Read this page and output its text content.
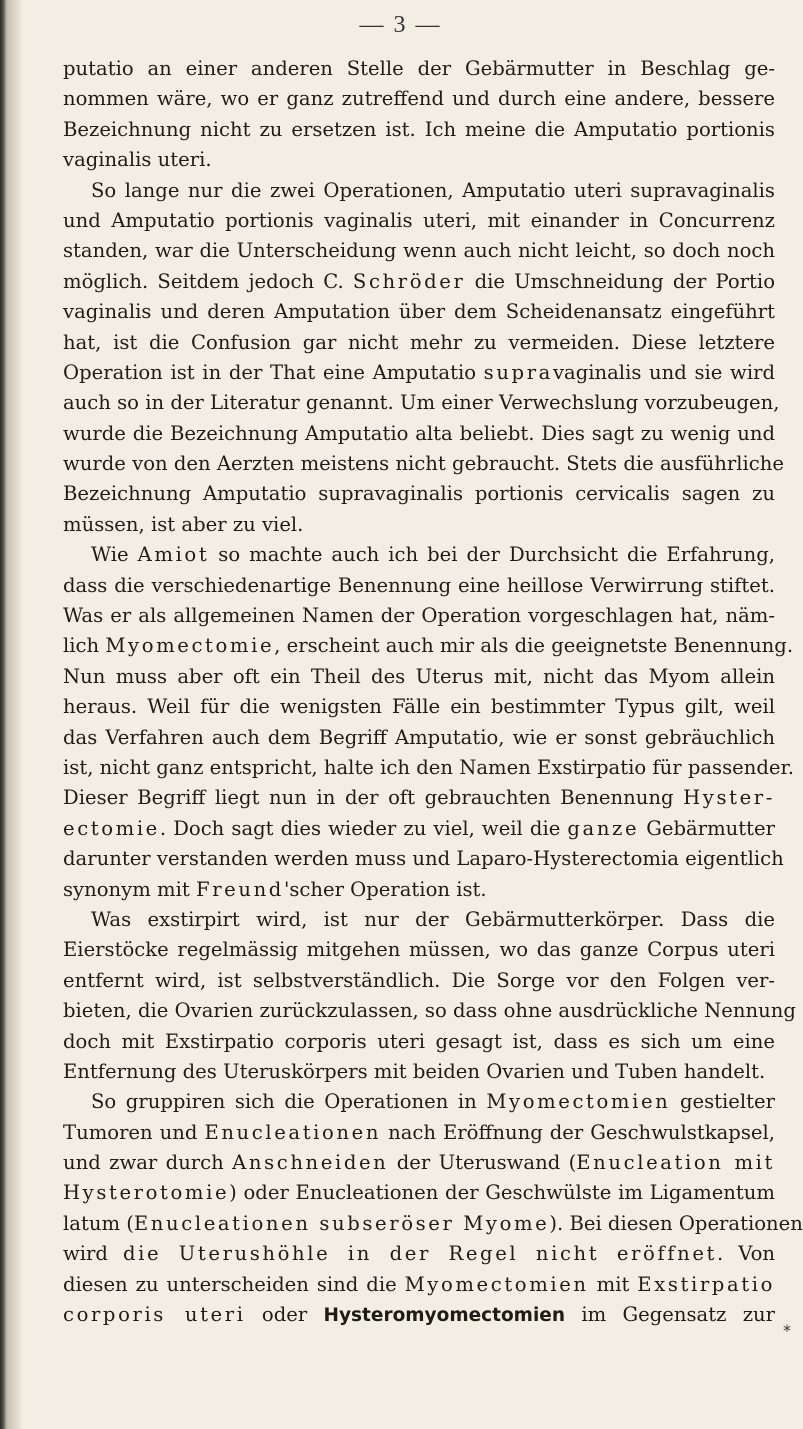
— 3 —
putatio an einer anderen Stelle der Gebärmutter in Beschlag ge-
nommen wäre, wo er ganz zutreffend und durch eine andere, bessere
Bezeichnung nicht zu ersetzen ist. Ich meine die Amputatio portionis
vaginalis uteri.
So lange nur die zwei Operationen, Amputatio uteri supravaginalis
und Amputatio portionis vaginalis uteri, mit einander in Concurrenz
standen, war die Unterscheidung wenn auch nicht leicht, so doch noch
möglich. Seitdem jedoch C. Schröder die Umschneidung der Portio
vaginalis und deren Amputation über dem Scheidenansatz eingeführt
hat, ist die Confusion gar nicht mehr zu vermeiden. Diese letztere
Operation ist in der That eine Amputatio supravaginalis und sie wird
auch so in der Literatur genannt. Um einer Verwechslung vorzubeugen,
wurde die Bezeichnung Amputatio alta beliebt. Dies sagt zu wenig und
wurde von den Aerzten meistens nicht gebraucht. Stets die ausführliche
Bezeichnung Amputatio supravaginalis portionis cervicalis sagen zu
müssen, ist aber zu viel.
Wie Amiot so machte auch ich bei der Durchsicht die Erfahrung,
dass die verschiedenartige Benennung eine heillose Verwirrung stiftet.
Was er als allgemeinen Namen der Operation vorgeschlagen hat, näm-
lich Myomectomie, erscheint auch mir als die geeignetste Benennung.
Nun muss aber oft ein Theil des Uterus mit, nicht das Myom allein
heraus. Weil für die wenigsten Fälle ein bestimmter Typus gilt, weil
das Verfahren auch dem Begriff Amputatio, wie er sonst gebräuchlich
ist, nicht ganz entspricht, halte ich den Namen Exstirpatio für passender.
Dieser Begriff liegt nun in der oft gebrauchten Benennung Hyster-
ectomie. Doch sagt dies wieder zu viel, weil die ganze Gebärmutter
darunter verstanden werden muss und Laparo-Hysterectomia eigentlich
synonym mit Freund'scher Operation ist.
Was exstirpirt wird, ist nur der Gebärmutterkörper. Dass die
Eierstöcke regelmässig mitgehen müssen, wo das ganze Corpus uteri
entfernt wird, ist selbstverständlich. Die Sorge vor den Folgen ver-
bieten, die Ovarien zurückzulassen, so dass ohne ausdrückliche Nennung
doch mit Exstirpatio corporis uteri gesagt ist, dass es sich um eine
Entfernung des Uteruskörpers mit beiden Ovarien und Tuben handelt.
So gruppiren sich die Operationen in Myomectomien gestielter
Tumoren und Enucleationen nach Eröffnung der Geschwulstkapsel,
und zwar durch Anschneiden der Uteruswand (Enucleation mit
Hysterotomie) oder Enucleationen der Geschwülste im Ligamentum
latum (Enucleationen subseröser Myome). Bei diesen Operationen
wird die Uterushöhle in der Regel nicht eröffnet. Von
diesen zu unterscheiden sind die Myomectomien mit Exstirpatio
corporis uteri oder Hysteromyomectomien im Gegensatz zur
*
